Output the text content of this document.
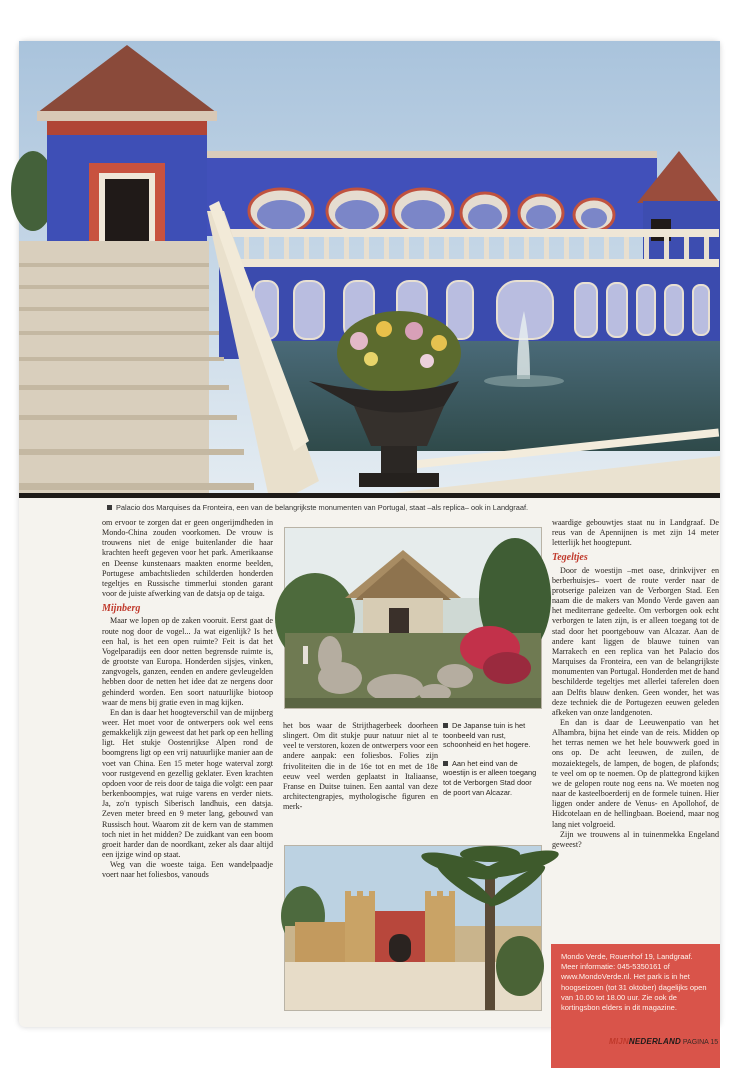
Palacio dos Marquises da Fronteira, een van de belangrijkste monumenten van Portugal, staat –als replica– ook in Landgraaf.

om ervoor te zorgen dat er geen ongerijmdheden in Mondo-China zouden voorkomen. De vrouw is trouwens niet de enige buitenlander die haar krachten heeft gegeven voor het park. Amerikaanse en Deense kunstenaars maakten enorme beelden, Portugese ambachtslieden schilderden honderden tegeltjes en Russische timmerlui stonden garant voor de juiste afwerking van de datsja op de taiga.

Mijnberg

Maar we lopen op de zaken vooruit. Eerst gaat de route nog door de vogel... Ja wat eigenlijk? Is het een hal, is het een open ruimte? Feit is dat het Vogelparadijs een door netten begrensde ruimte is, de grootste van Europa. Honderden sijsjes, vinken, zangvogels, ganzen, eenden en andere gevleugelden hebben door de netten het idee dat ze nergens door gehinderd worden. Een soort natuurlijke biotoop waar de mens bij gratie even in mag kijken.

En dan is daar het hoogteverschil van de mijnberg weer. Het moet voor de ontwerpers ook wel eens gemakkelijk zijn geweest dat het park op een helling ligt. Het stukje Oostenrijkse Alpen rond de boomgrens ligt op een vrij natuurlijke manier aan de voet van China. Een 15 meter hoge waterval zorgt voor rustgevend en gezellig geklater. Even krachten opdoen voor de reis door de taiga die volgt: een paar berkenboompjes, wat ruige varens en verder niets. Ja, zo'n typisch Siberisch landhuis, een datsja. Zeven meter breed en 9 meter lang, gebouwd van Russisch hout. Waarom zit de kern van de stammen toch niet in het midden? De zuidkant van een boom groeit harder dan de noordkant, zeker als daar altijd een ijzige wind op staat.

Weg van die woeste taiga. Een wandelpaadje voert naar het foliesbos, vanouds

het bos waar de Strijthagerbeek doorheen slingert. Om dit stukje puur natuur niet al te veel te verstoren, kozen de ontwerpers voor een andere aanpak: een foliesbos. Folies zijn frivoliteiten die in de 16e tot en met de 18e eeuw veel werden geplaatst in Italiaanse, Franse en Duitse tuinen. Een aantal van deze architectengrapjes, mythologische figuren en merk-

De Japanse tuin is het toonbeeld van rust, schoonheid en het hogere.

Aan het eind van de woestijn is er alleen toegang tot de Verborgen Stad door de poort van Alcazar.

waardige gebouwtjes staat nu in Landgraaf. De reus van de Apennijnen is met zijn 14 meter letterlijk het hoogtepunt.

Tegeltjes

Door de woestijn –met oase, drinkvijver en berberhuisjes– voert de route verder naar de protserige paleizen van de Verborgen Stad. Een naam die de makers van Mondo Verde gaven aan het mediterrane gedeelte. Om verborgen ook echt verborgen te laten zijn, is er alleen toegang tot de stad door het poortgebouw van Alcazar. Aan de andere kant liggen de blauwe tuinen van Marrakech en een replica van het Palacio dos Marquises da Fronteira, een van de belangrijkste monumenten van Portugal. Honderden met de hand beschilderde tegeltjes met allerlei taferelen doen aan Delfts blauw denken. Geen wonder, het was deze techniek die de Portugezen eeuwen geleden afkeken van onze landgenoten.

En dan is daar de Leeuwenpatio van het Alhambra, bijna het einde van de reis. Midden op het terras nemen we het hele bouwwerk goed in ons op. De acht leeuwen, de zuilen, de mozaiektegels, de lampen, de bogen, de plafonds; te veel om op te noemen. Op de plattegrond kijken we de gelopen route nog eens na. We moeten nog naar de kasteelboerderij en de formele tuinen. Hier liggen onder andere de Venus- en Apollohof, de Hidcotelaan en de hellingbaan. Boeiend, maar nog lang niet volgroeid.

Zijn we trouwens al in tuinenmekka Engeland geweest?

Mondo Verde, Rouenhof 19, Landgraaf. Meer informatie: 045-5350161 of www.MondoVerde.nl. Het park is in het hoogseizoen (tot 31 oktober) dagelijks open van 10.00 tot 18.00 uur. Zie ook de kortingsbon elders in dit magazine.
MIJNNEDERLAND PAGINA 15
